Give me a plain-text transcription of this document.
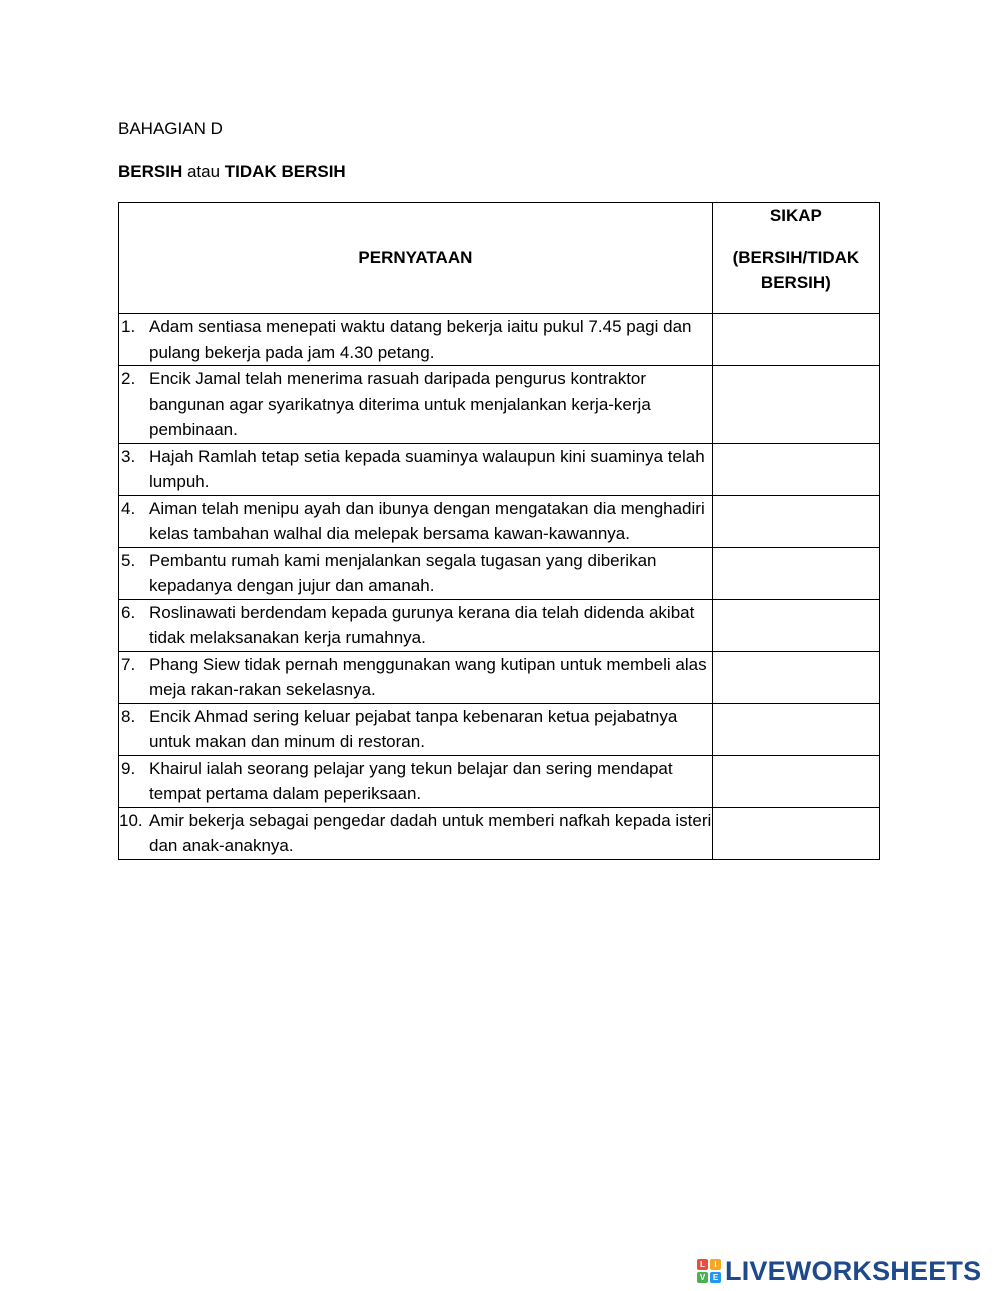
BAHAGIAN D
BERSIH atau TIDAK BERSIH
PERNYATAAN	SIKAP
(BERSIH/TIDAK BERSIH)

1. Adam sentiasa menepati waktu datang bekerja iaitu pukul 7.45 pagi dan pulang bekerja pada jam 4.30 petang.	

2. Encik Jamal telah menerima rasuah daripada pengurus kontraktor bangunan agar syarikatnya diterima untuk menjalankan kerja-kerja pembinaan.	

3. Hajah Ramlah tetap setia kepada suaminya walaupun kini suaminya telah lumpuh.	

4. Aiman telah menipu ayah dan ibunya dengan mengatakan dia menghadiri kelas tambahan walhal dia melepak bersama kawan-kawannya.	

5. Pembantu rumah kami menjalankan segala tugasan yang diberikan kepadanya dengan jujur dan amanah.	

6. Roslinawati berdendam kepada gurunya kerana dia telah didenda akibat tidak melaksanakan kerja rumahnya.	

7. Phang Siew tidak pernah menggunakan wang kutipan untuk membeli alas meja rakan-rakan sekelasnya.	

8. Encik Ahmad sering keluar pejabat tanpa kebenaran ketua pejabatnya untuk makan dan minum di restoran.	

9. Khairul ialah seorang pelajar yang tekun belajar dan sering mendapat tempat pertama dalam peperiksaan.	

10. Amir bekerja sebagai pengedar dadah untuk memberi nafkah kepada isteri dan anak-anaknya.	

L	I
V E LIVEWORKSHEETS
